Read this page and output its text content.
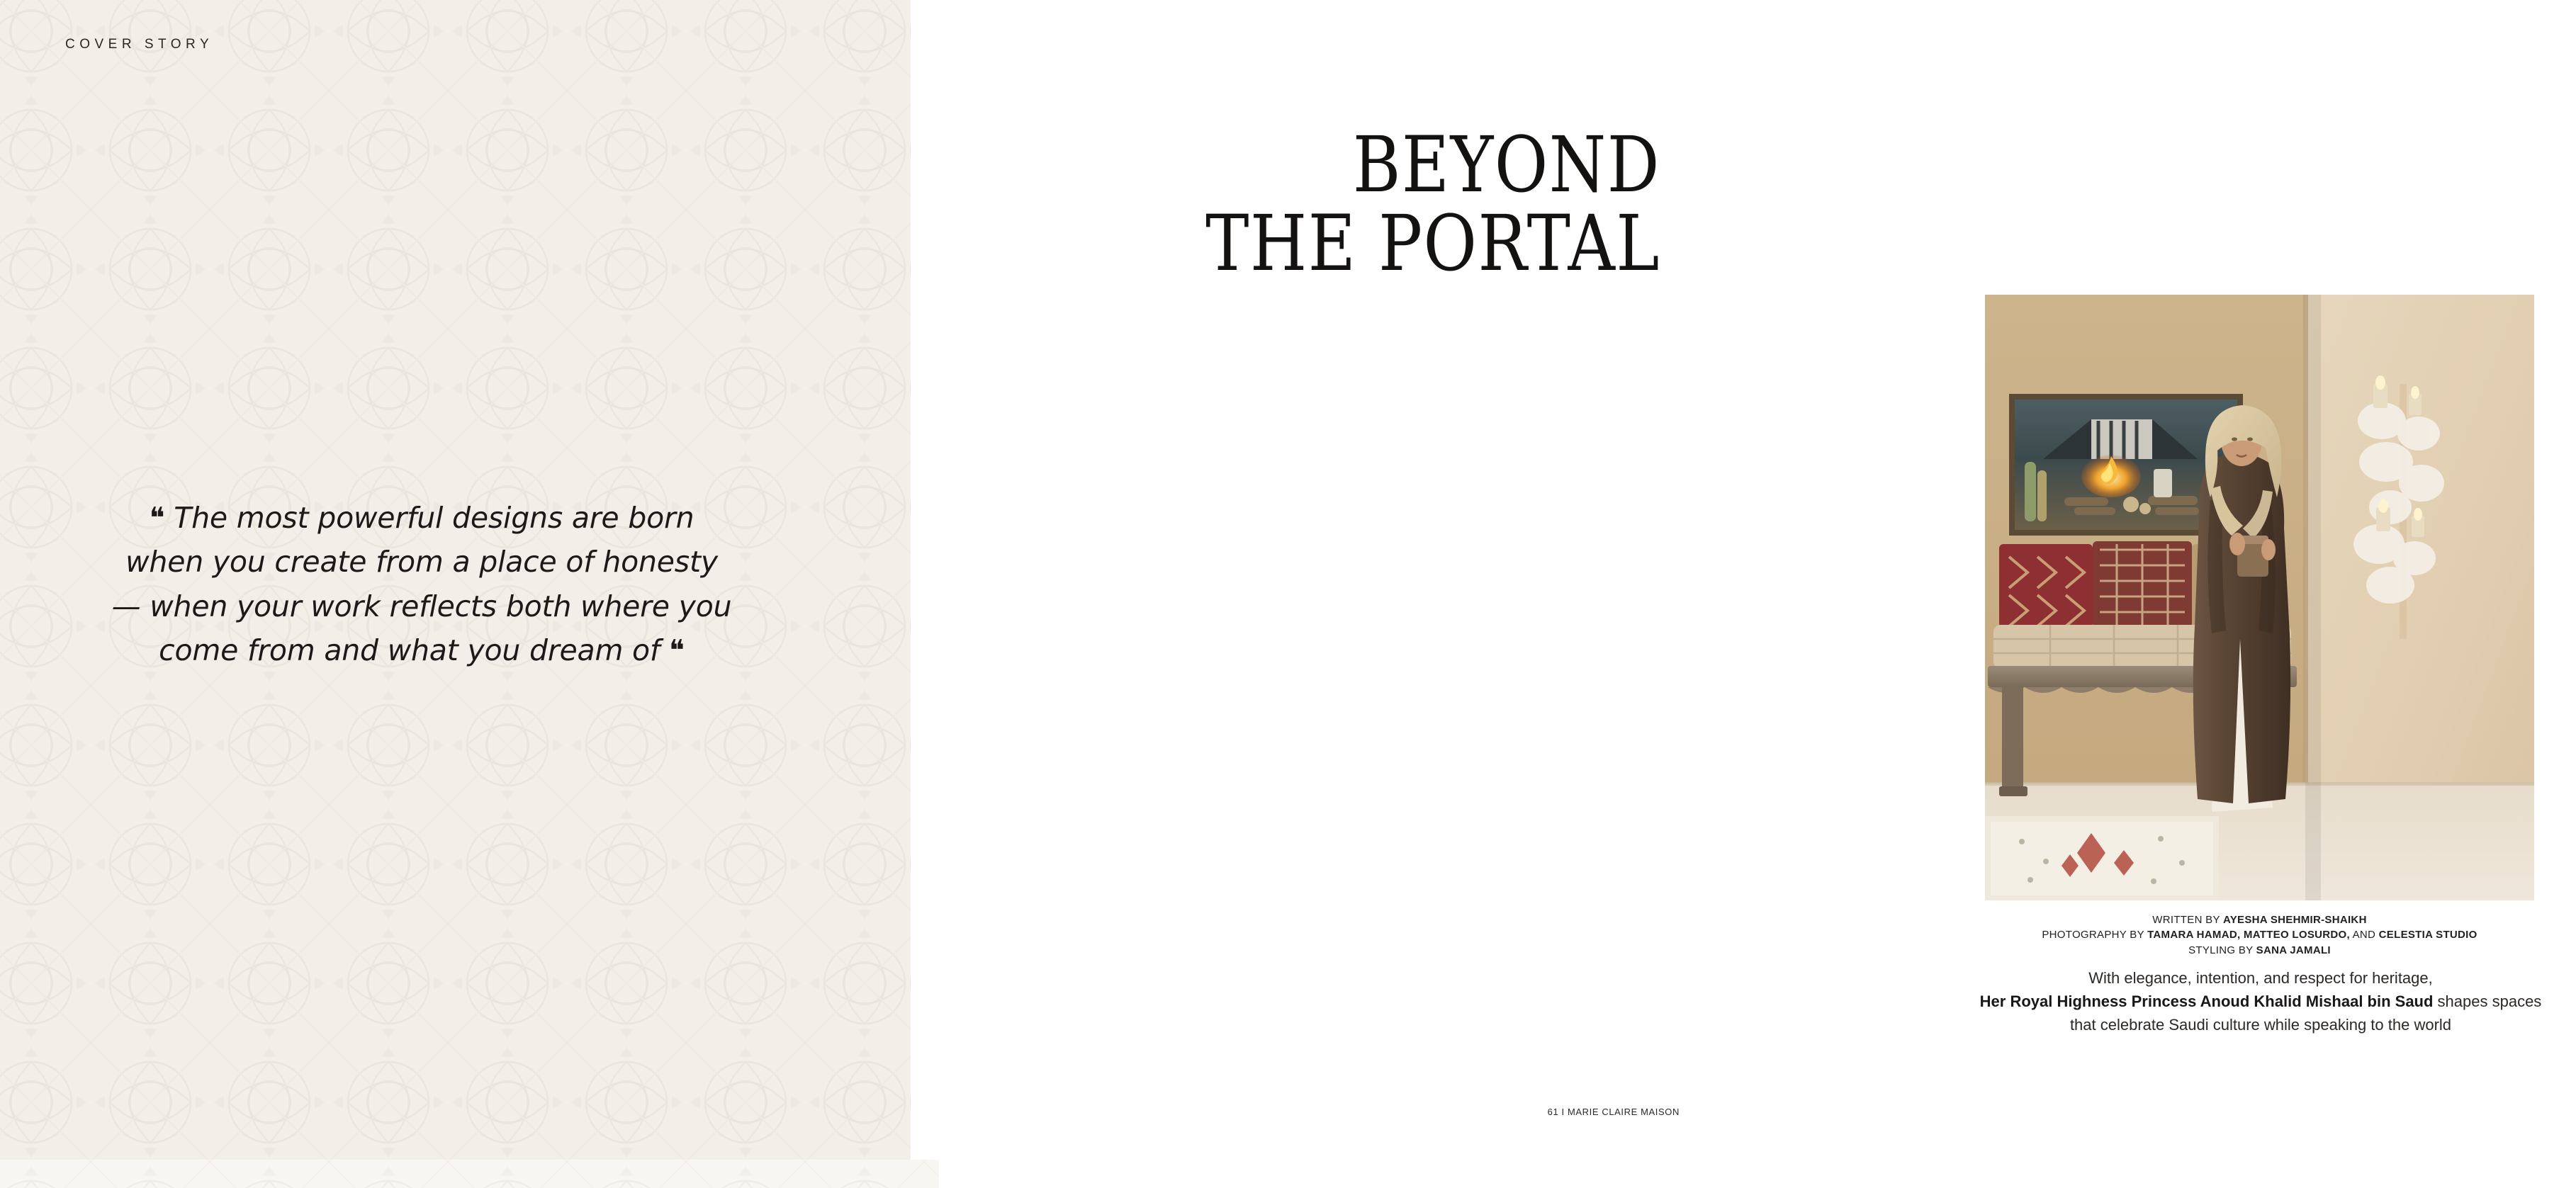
COVER STORY

❝ The most powerful designs are born
when you create from a place of honesty
— when your work reflects both where you
come from and what you dream of ❝

BEYOND
THE PORTAL
WRITTEN BY AYESHA SHEHMIR-SHAIKH
PHOTOGRAPHY BY TAMARA HAMAD, MATTEO LOSURDO, AND CELESTIA STUDIO
STYLING BY SANA JAMALI
With elegance, intention, and respect for heritage,
Her Royal Highness Princess Anoud Khalid Mishaal bin Saud shapes spaces
that celebrate Saudi culture while speaking to the world
61 I MARIE CLAIRE MAISON
